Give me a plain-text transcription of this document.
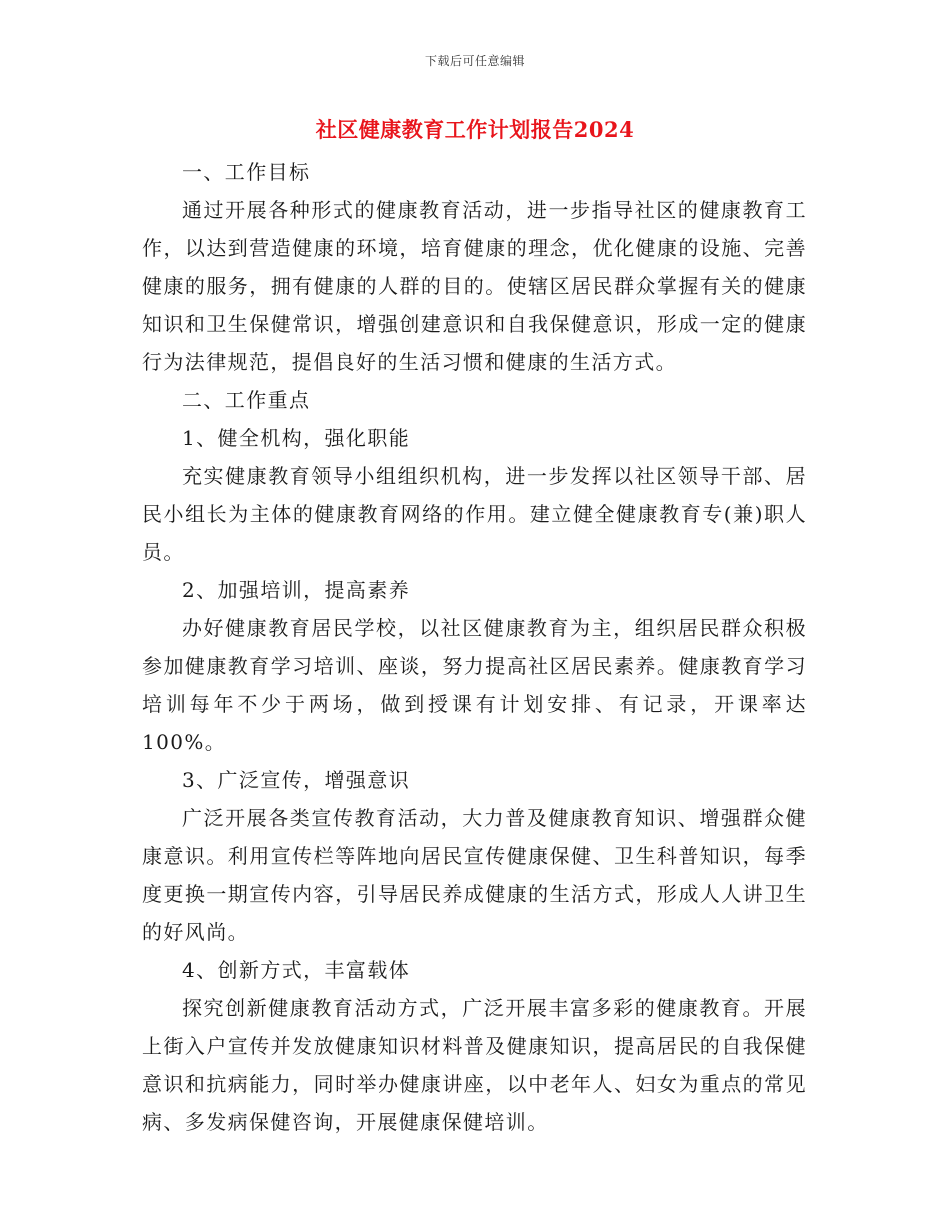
下载后可任意编辑
社区健康教育工作计划报告2024

一、工作目标

通过开展各种形式的健康教育活动，进一步指导社区的健康教育工作，以达到营造健康的环境，培育健康的理念，优化健康的设施、完善健康的服务，拥有健康的人群的目的。使辖区居民群众掌握有关的健康知识和卫生保健常识，增强创建意识和自我保健意识，形成一定的健康行为法律规范，提倡良好的生活习惯和健康的生活方式。

二、工作重点

1、健全机构，强化职能

充实健康教育领导小组组织机构，进一步发挥以社区领导干部、居民小组长为主体的健康教育网络的作用。建立健全健康教育专(兼)职人员。

2、加强培训，提高素养

办好健康教育居民学校，以社区健康教育为主，组织居民群众积极参加健康教育学习培训、座谈，努力提高社区居民素养。健康教育学习培训每年不少于两场，做到授课有计划安排、有记录，开课率达100%。

3、广泛宣传，增强意识

广泛开展各类宣传教育活动，大力普及健康教育知识、增强群众健康意识。利用宣传栏等阵地向居民宣传健康保健、卫生科普知识，每季度更换一期宣传内容，引导居民养成健康的生活方式，形成人人讲卫生的好风尚。

4、创新方式，丰富载体

探究创新健康教育活动方式，广泛开展丰富多彩的健康教育。开展上街入户宣传并发放健康知识材料普及健康知识，提高居民的自我保健意识和抗病能力，同时举办健康讲座，以中老年人、妇女为重点的常见病、多发病保健咨询，开展健康保健培训。
